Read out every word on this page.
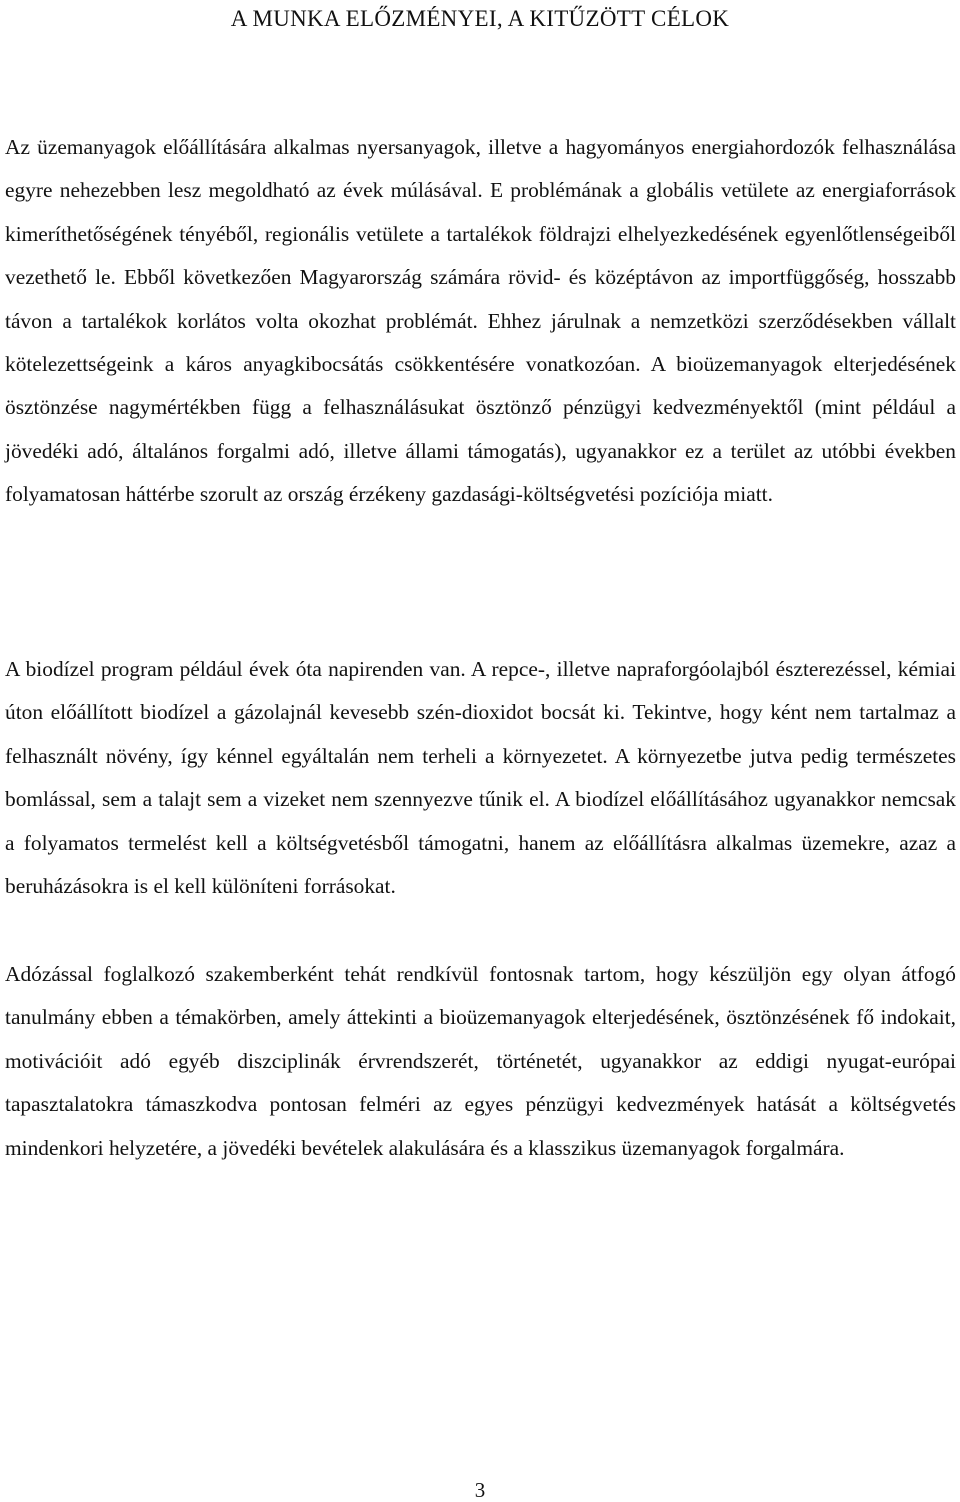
A MUNKA ELŐZMÉNYEI, A KITŰZÖTT CÉLOK

Az üzemanyagok előállítására alkalmas nyersanyagok, illetve a hagyományos energiahordozók felhasználása egyre nehezebben lesz megoldható az évek múlásával. E problémának a globális vetülete az energiaforrások kimeríthetőségének tényéből, regionális vetülete a tartalékok földrajzi elhelyezkedésének egyenlőtlenségeiből vezethető le. Ebből következően Magyarország számára rövid- és középtávon az importfüggőség, hosszabb távon a tartalékok korlátos volta okozhat problémát. Ehhez járulnak a nemzetközi szerződésekben vállalt kötelezettségeink a káros anyagkibocsátás csökkentésére vonatkozóan. A bioüzemanyagok elterjedésének ösztönzése nagymértékben függ a felhasználásukat ösztönző pénzügyi kedvezményektől (mint például a jövedéki adó, általános forgalmi adó, illetve állami támogatás), ugyanakkor ez a terület az utóbbi években folyamatosan háttérbe szorult az ország érzékeny gazdasági-költségvetési pozíciója miatt.

A biodízel program például évek óta napirenden van. A repce-, illetve napraforgóolajból észterezéssel, kémiai úton előállított biodízel a gázolajnál kevesebb szén-dioxidot bocsát ki. Tekintve, hogy ként nem tartalmaz a felhasznált növény, így kénnel egyáltalán nem terheli a környezetet. A környezetbe jutva pedig természetes bomlással, sem a talajt sem a vizeket nem szennyezve tűnik el. A biodízel előállításához ugyanakkor nemcsak a folyamatos termelést kell a költségvetésből támogatni, hanem az előállításra alkalmas üzemekre, azaz a beruházásokra is el kell különíteni forrásokat.

Adózással foglalkozó szakemberként tehát rendkívül fontosnak tartom, hogy készüljön egy olyan átfogó tanulmány ebben a témakörben, amely áttekinti a bioüzemanyagok elterjedésének, ösztönzésének fő indokait, motivációit adó egyéb diszciplinák érvrendszerét, történetét, ugyanakkor az eddigi nyugat-európai tapasztalatokra támaszkodva pontosan felméri az egyes pénzügyi kedvezmények hatását a költségvetés mindenkori helyzetére, a jövedéki bevételek alakulására és a klasszikus üzemanyagok forgalmára.

3
